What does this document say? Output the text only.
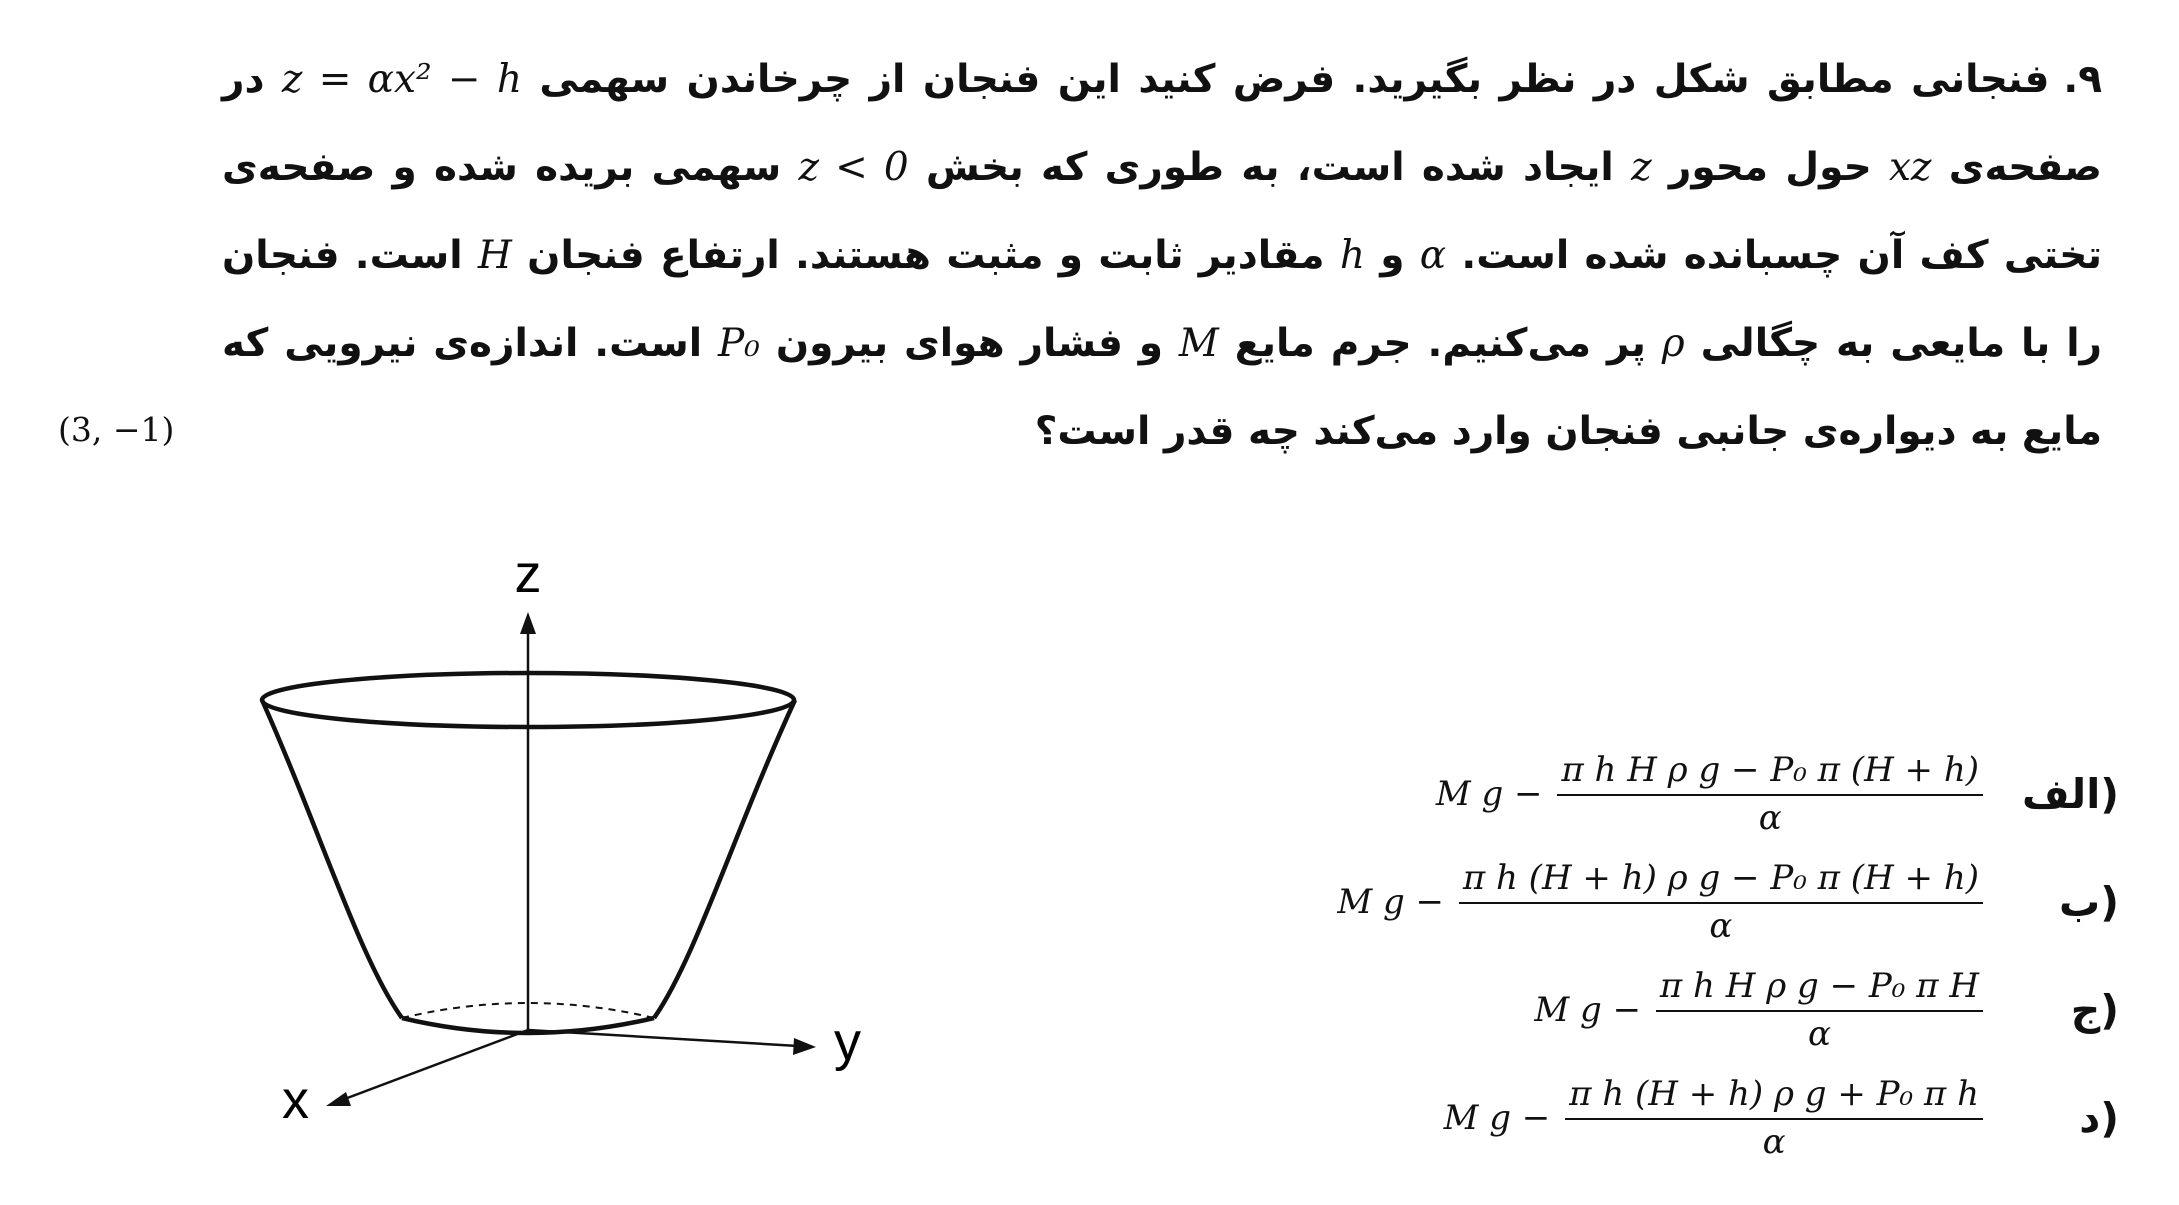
۹.فنجانی مطابق شکل در نظر بگیرید. فرض کنید این فنجان از چرخاندن سهمی z = αx² − h در صفحه‌ی xz حول محور z ایجاد شده است، به طوری که بخش z < 0 سهمی بریده شده و صفحه‌ی تختی کف آن چسبانده شده است. α و h مقادیر ثابت و مثبت هستند. ارتفاع فنجان H است. فنجان را با مایعی به چگالی ρ پر می‌کنیم. جرم مایع M و فشار هوای بیرون P₀ است. اندازه‌ی نیرویی که مایع به دیواره‌ی جانبی فنجان وارد می‌کند چه قدر است؟
(3, −1)
z
y
x
M $g - \frac{\text{π h H ρ g − P₀ π (H + h)}}{\alpha}$ (الف
M $g - \frac{\text{π h (H + h) ρ g − P₀ π (H + h)}}{\alpha}$	(ب
M $g - \frac{\text{π h H ρ g − P₀ π H}}{\alpha}$	(ج
M $g - \frac{\text{π h (H + h) ρ g + P₀ π h}}{\alpha}$	(د
